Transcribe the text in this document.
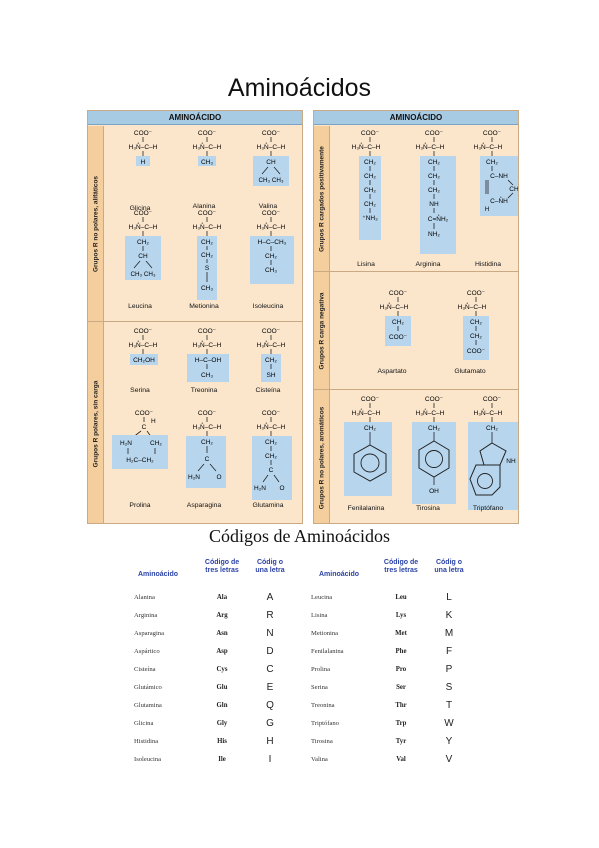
Aminoácidos
AMINOÁCIDO
Grupos R no polares, alifáticos
Grupos R polares, sin carga
COO⁻
H₃N̊–C–H
H
Glicina
COO⁻
H₃N̊–C–H
CH₃
Alanina
COO⁻
H₃N̊–C–H
CH
CH₃ CH₃
Valina
COO⁻
H₃N̊–C–H
CH₂
CH
CH₃ CH₃
Leucina
COO⁻
H₃N̊–C–H
CH₂
CH₂
S
CH₃
Metionina
COO⁻
H₃N̊–C–H
H–C–CH₃
CH₂
CH₃
Isoleucina
COO⁻
H₃N̊–C–H
CH₂OH
Serina
COO⁻
H₃N̊–C–H
H–C–OH
CH₃
Treonina
COO⁻
H₃N̊–C–H
CH₂
SH
Cisteína
COO⁻
C
H
H₂N	CH₂
H₂C–CH₂
Prolina
COO⁻
H₃N̊–C–H
CH₂
C
H₂N	O
Asparagina
COO⁻
H₃N̊–C–H
CH₂
CH₂
C
H₂N O
Glutamina
AMINOÁCIDO
Grupos R cargados positivamente
Grupos R carga negativa
Grupos R no polares, aromáticos
COO⁻
H₃N̊–C–H
CH₂
CH₂
CH₂
CH₂
⁺NH₃
Lisina
COO⁻
H₃N̊–C–H
CH₂
CH₂
CH₂
NH
C=N̊H₂
NH₂
Arginina
COO⁻
H₃N̊–C–H
CH₂
C–NH
CH
C–N̊H
H
Histidina
COO⁻
H₃N̊–C–H
CH₂
COO⁻
Aspartato
COO⁻
H₃N̊–C–H
CH₂
CH₂
COO⁻
Glutamato
COO⁻
H₃N̊–C–H
CH₂
Fenilalanina
COO⁻
H₃N̊–C–H
CH₂
OH
Tirosina
COO⁻
H₃N̊–C–H
CH₂
NH
Triptófano
Códigos de Aminoácidos
Aminoácido
Código de tres letras
Códig o una letra
Alanina	Ala	A
Arginina	Arg	R
Asparagina	Asn	N
Aspártico	Asp	D
Cisteína	Cys	C
Glutámico	Glu	E
Glutamina	Gln	Q
Glicina	Gly	G
Histidina	His	H
Isoleucina	Ile	I
Aminoácido
Código de tres letras
Códig o una letra
Leucina	Leu	L
Lisina	Lys	K
Metionina	Met	M
Fenilalanina	Phe	F
Prolina	Pro	P
Serina	Ser	S
Treonina	Thr	T
Triptófano	Trp	W
Tirosina	Tyr	Y
Valina	Val	V
